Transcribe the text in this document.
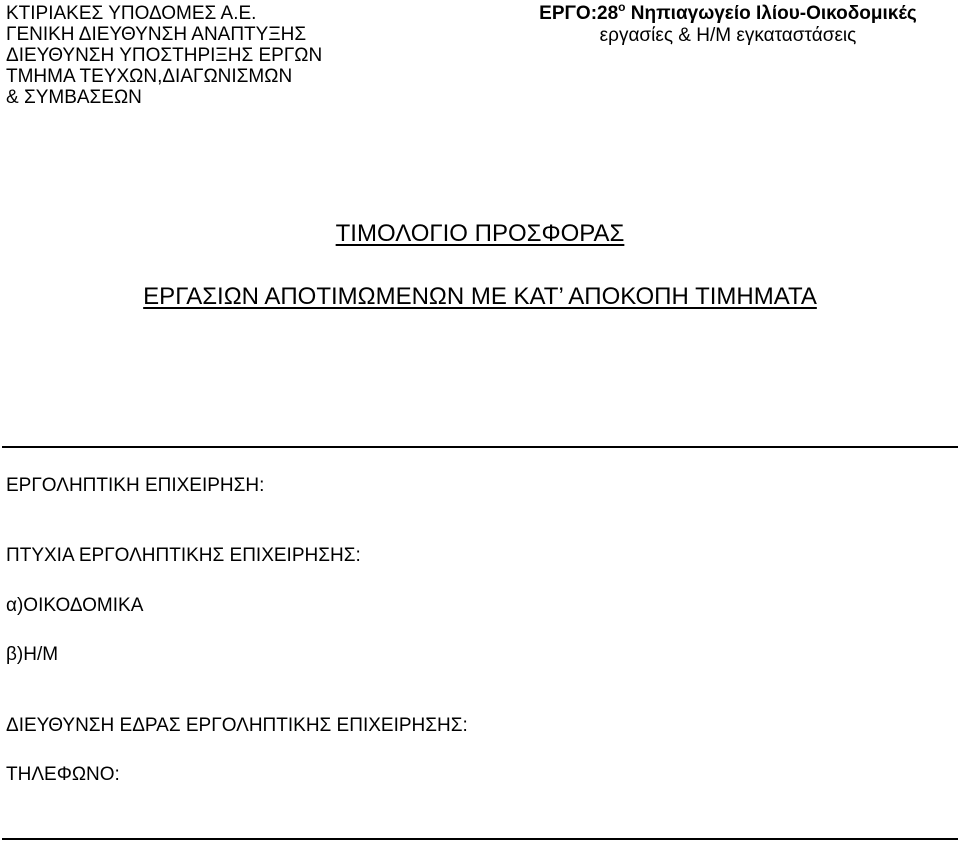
ΚΤΙΡΙΑΚΕΣ ΥΠΟΔΟΜΕΣ Α.Ε.
ΓΕΝΙΚΗ ΔΙΕΥΘΥΝΣΗ ΑΝΑΠΤΥΞΗΣ
ΔΙΕΥΘΥΝΣΗ ΥΠΟΣΤΗΡΙΞΗΣ ΕΡΓΩΝ
ΤΜΗΜΑ ΤΕΥΧΩΝ,ΔΙΑΓΩΝΙΣΜΩΝ
& ΣΥΜΒΑΣΕΩΝ
$EP\Gamma O:28^o$ Νηπιαγωγείο Ιλίου-Οικοδομικές
εργασίες & Η/Μ εγκαταστάσεις
ΤΙΜΟΛΟΓΙΟ ΠΡΟΣΦΟΡΑΣ
ΕΡΓΑΣΙΩΝ ΑΠΟΤΙΜΩΜΕΝΩΝ ΜΕ ΚΑΤ’ ΑΠΟΚΟΠΗ ΤΙΜΗΜΑΤΑ
ΕΡΓΟΛΗΠΤΙΚΗ ΕΠΙΧΕΙΡΗΣΗ:
ΠΤΥΧΙΑ ΕΡΓΟΛΗΠΤΙΚΗΣ ΕΠΙΧΕΙΡΗΣΗΣ:
α)ΟΙΚΟΔΟΜΙΚΑ
β)Η/Μ
ΔΙΕΥΘΥΝΣΗ ΕΔΡΑΣ ΕΡΓΟΛΗΠΤΙΚΗΣ ΕΠΙΧΕΙΡΗΣΗΣ:
ΤΗΛΕΦΩΝΟ:
